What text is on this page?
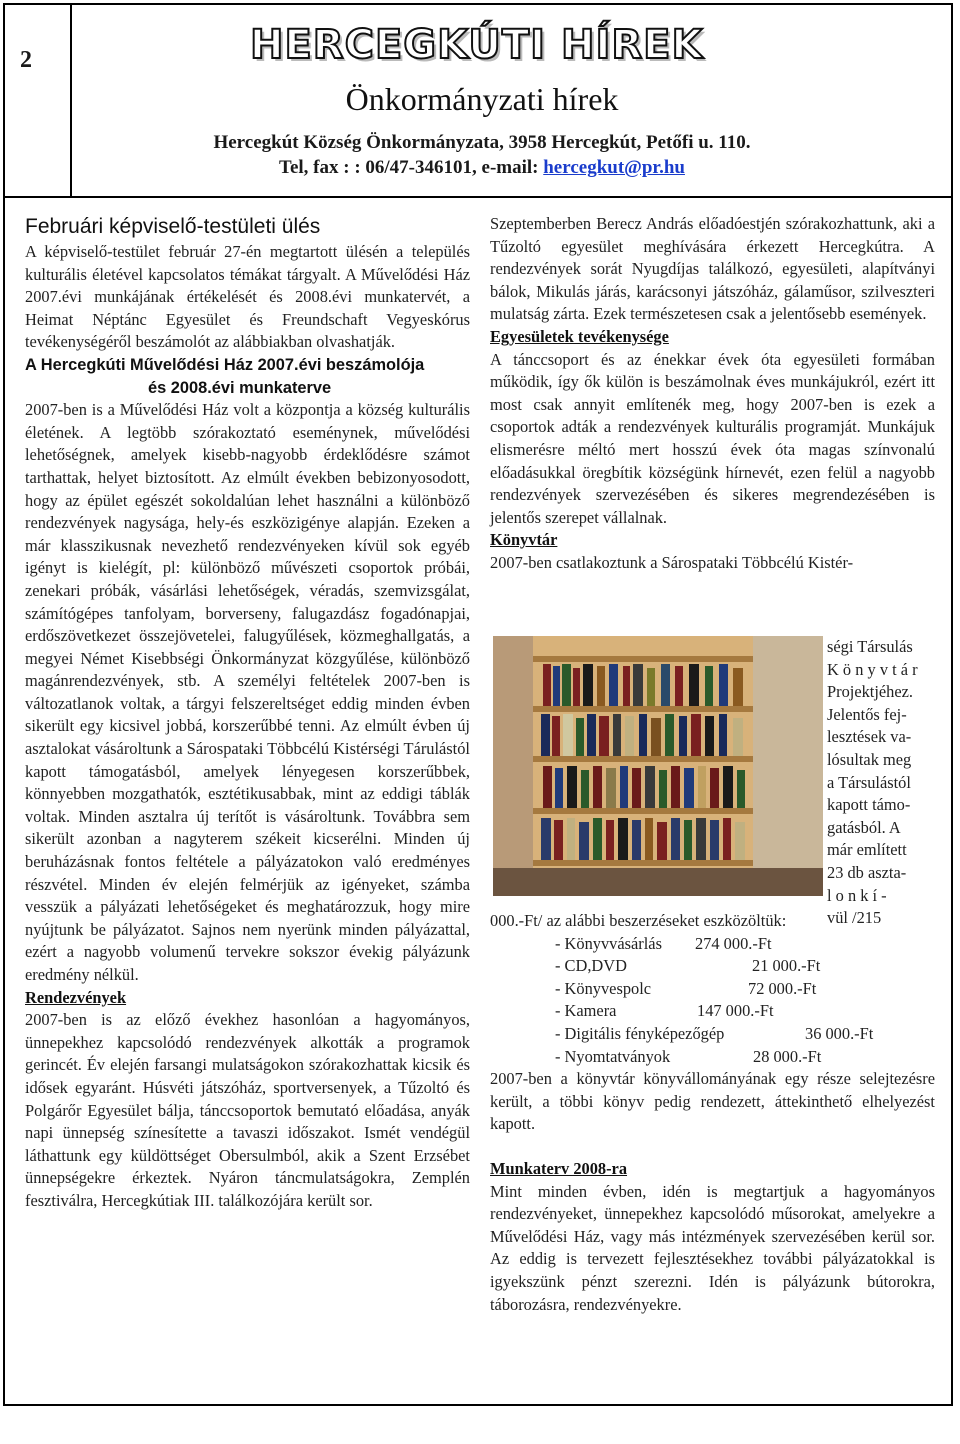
2	HERCEGKÚTI HÍREK
Önkormányzati hírek
Hercegkút Község Önkormányzata, 3958 Hercegkút, Petőfi u. 110.
Tel, fax : : 06/47-346101, e-mail: hercegkut@pr.hu
Februári képviselő-testületi ülés

A képviselő-testület február 27-én megtartott ülésén a település kulturális életével kapcsolatos témákat tárgyalt. A Művelődési Ház 2007.évi munkájának értékelését és 2008.évi munkatervét, a Heimat Néptánc Egyesület és Freundschaft Vegyeskórus tevékenységéről beszámolót az alábbiakban olvashatják.

A Hercegkúti Művelődési Ház 2007.évi beszámolója
és 2008.évi munkaterve

2007-ben is a Művelődési Ház volt a központja a község kulturális életének. A legtöbb szórakoztató eseménynek, művelődési lehetőségnek, amelyek kisebb-nagyobb érdeklődésre számot tarthattak, helyet biztosított. Az elmúlt években bebizonyosodott, hogy az épület egészét sokoldalúan lehet használni a különböző rendezvények nagysága, hely-és eszközigénye alapján. Ezeken a már klasszikusnak nevezhető rendezvényeken kívül sok egyéb igényt is kielégít, pl: különböző művészeti csoportok próbái, zenekari próbák, vásárlási lehetőségek, véradás, szemvizsgálat, számítógépes tanfolyam, borverseny, falugazdász fogadónapjai, erdőszövetkezet összejövetelei, falugyűlések, közmeghallgatás, a megyei Német Kisebbségi Önkormányzat közgyűlése, különböző magánrendezvények, stb. A személyi feltételek 2007-ben is változatlanok voltak, a tárgyi felszereltséget eddig minden évben sikerült egy kicsivel jobbá, korszerűbbé tenni. Az elmúlt évben új asztalokat vásároltunk a Sárospataki Többcélú Kistérségi Tárulástól kapott támogatásból, amelyek lényegesen korszerűbbek, könnyebben mozgathatók, esztétikusabbak, mint az eddigi táblák voltak. Minden asztalra új terítőt is vásároltunk. Továbbra sem sikerült azonban a nagyterem székeit kicserélni. Minden új beruházásnak fontos feltétele a pályázatokon való eredményes részvétel. Minden év elején felmérjük az igényeket, számba vesszük a pályázati lehetőségeket és meghatározzuk, hogy mire nyújtunk be pályázatot. Sajnos nem nyerünk minden pályázattal, ezért a nagyobb volumenű tervekre sokszor évekig pályázunk eredmény nélkül.

Rendezvények

2007-ben is az előző évekhez hasonlóan a hagyományos, ünnepekhez kapcsolódó rendezvények alkották a programok gerincét. Év elején farsangi mulatságokon szórakozhattak kicsik és idősek egyaránt. Húsvéti játszóház, sportversenyek, a Tűzoltó és Polgárőr Egyesület bálja, tánccsoportok bemutató előadása, anyák napi ünnepség színesítette a tavaszi időszakot. Ismét vendégül láthattunk egy küldöttséget Obersulmból, akik a Szent Erzsébet ünnepségekre érkeztek. Nyáron táncmulatságokra, Zemplén fesztiválra, Hercegkútiak III. találkozójára került sor.

Szeptemberben Berecz András előadóestjén szórakozhattunk, aki a Tűzoltó egyesület meghívására érkezett Hercegkútra. A rendezvények sorát Nyugdíjas találkozó, egyesületi, alapítványi bálok, Mikulás járás, karácsonyi játszóház, gálaműsor, szilveszteri mulatság zárta. Ezek természetesen csak a jelentősebb események.

Egyesületek tevékenysége

A tánccsoport és az énekkar évek óta egyesületi formában működik, így ők külön is beszámolnak éves munkájukról, ezért itt most csak annyit említenék meg, hogy 2007-ben is ezek a csoportok adták a rendezvények kulturális programját. Munkájuk elismerésre méltó mert hosszú évek óta magas színvonalú előadásukkal öregbítik községünk hírnevét, ezen felül a nagyobb rendezvények szervezésében és sikeres megrendezésében is jelentős szerepet vállalnak.

Könyvtár

2007-ben csatlakoztunk a Sárospataki Többcélú Kistér-

ségi Társulás
K ö n y v t á r
Projektjéhez.
Jelentős fej-
lesztések va-
lósultak meg
a Társulástól
kapott támo-
gatásból. A
már említett
23 db aszta-
l o n k í -
vül /215

000.-Ft/ az alábbi beszerzéseket eszközöltük:

- Könyvvásárlás 274 000.-Ft
- CD,DVD	21 000.-Ft
- Könyvespolc	72 000.-Ft
- Kamera	147 000.-Ft
- Digitális fényképezőgép	36 000.-Ft
- Nyomtatványok	28 000.-Ft

2007-ben a könyvtár könyvállományának egy része selejtezésre került, a többi könyv pedig rendezett, áttekinthető elhelyezést kapott.

Munkaterv 2008-ra

Mint minden évben, idén is megtartjuk a hagyományos rendezvényeket, ünnepekhez kapcsolódó műsorokat, amelyekre a Művelődési Ház, vagy más intézmények szervezésében kerül sor. Az eddig is tervezett fejlesztésekhez további pályázatokkal is igyekszünk pénzt szerezni. Idén is pályázunk bútorokra, táborozásra, rendezvényekre.
